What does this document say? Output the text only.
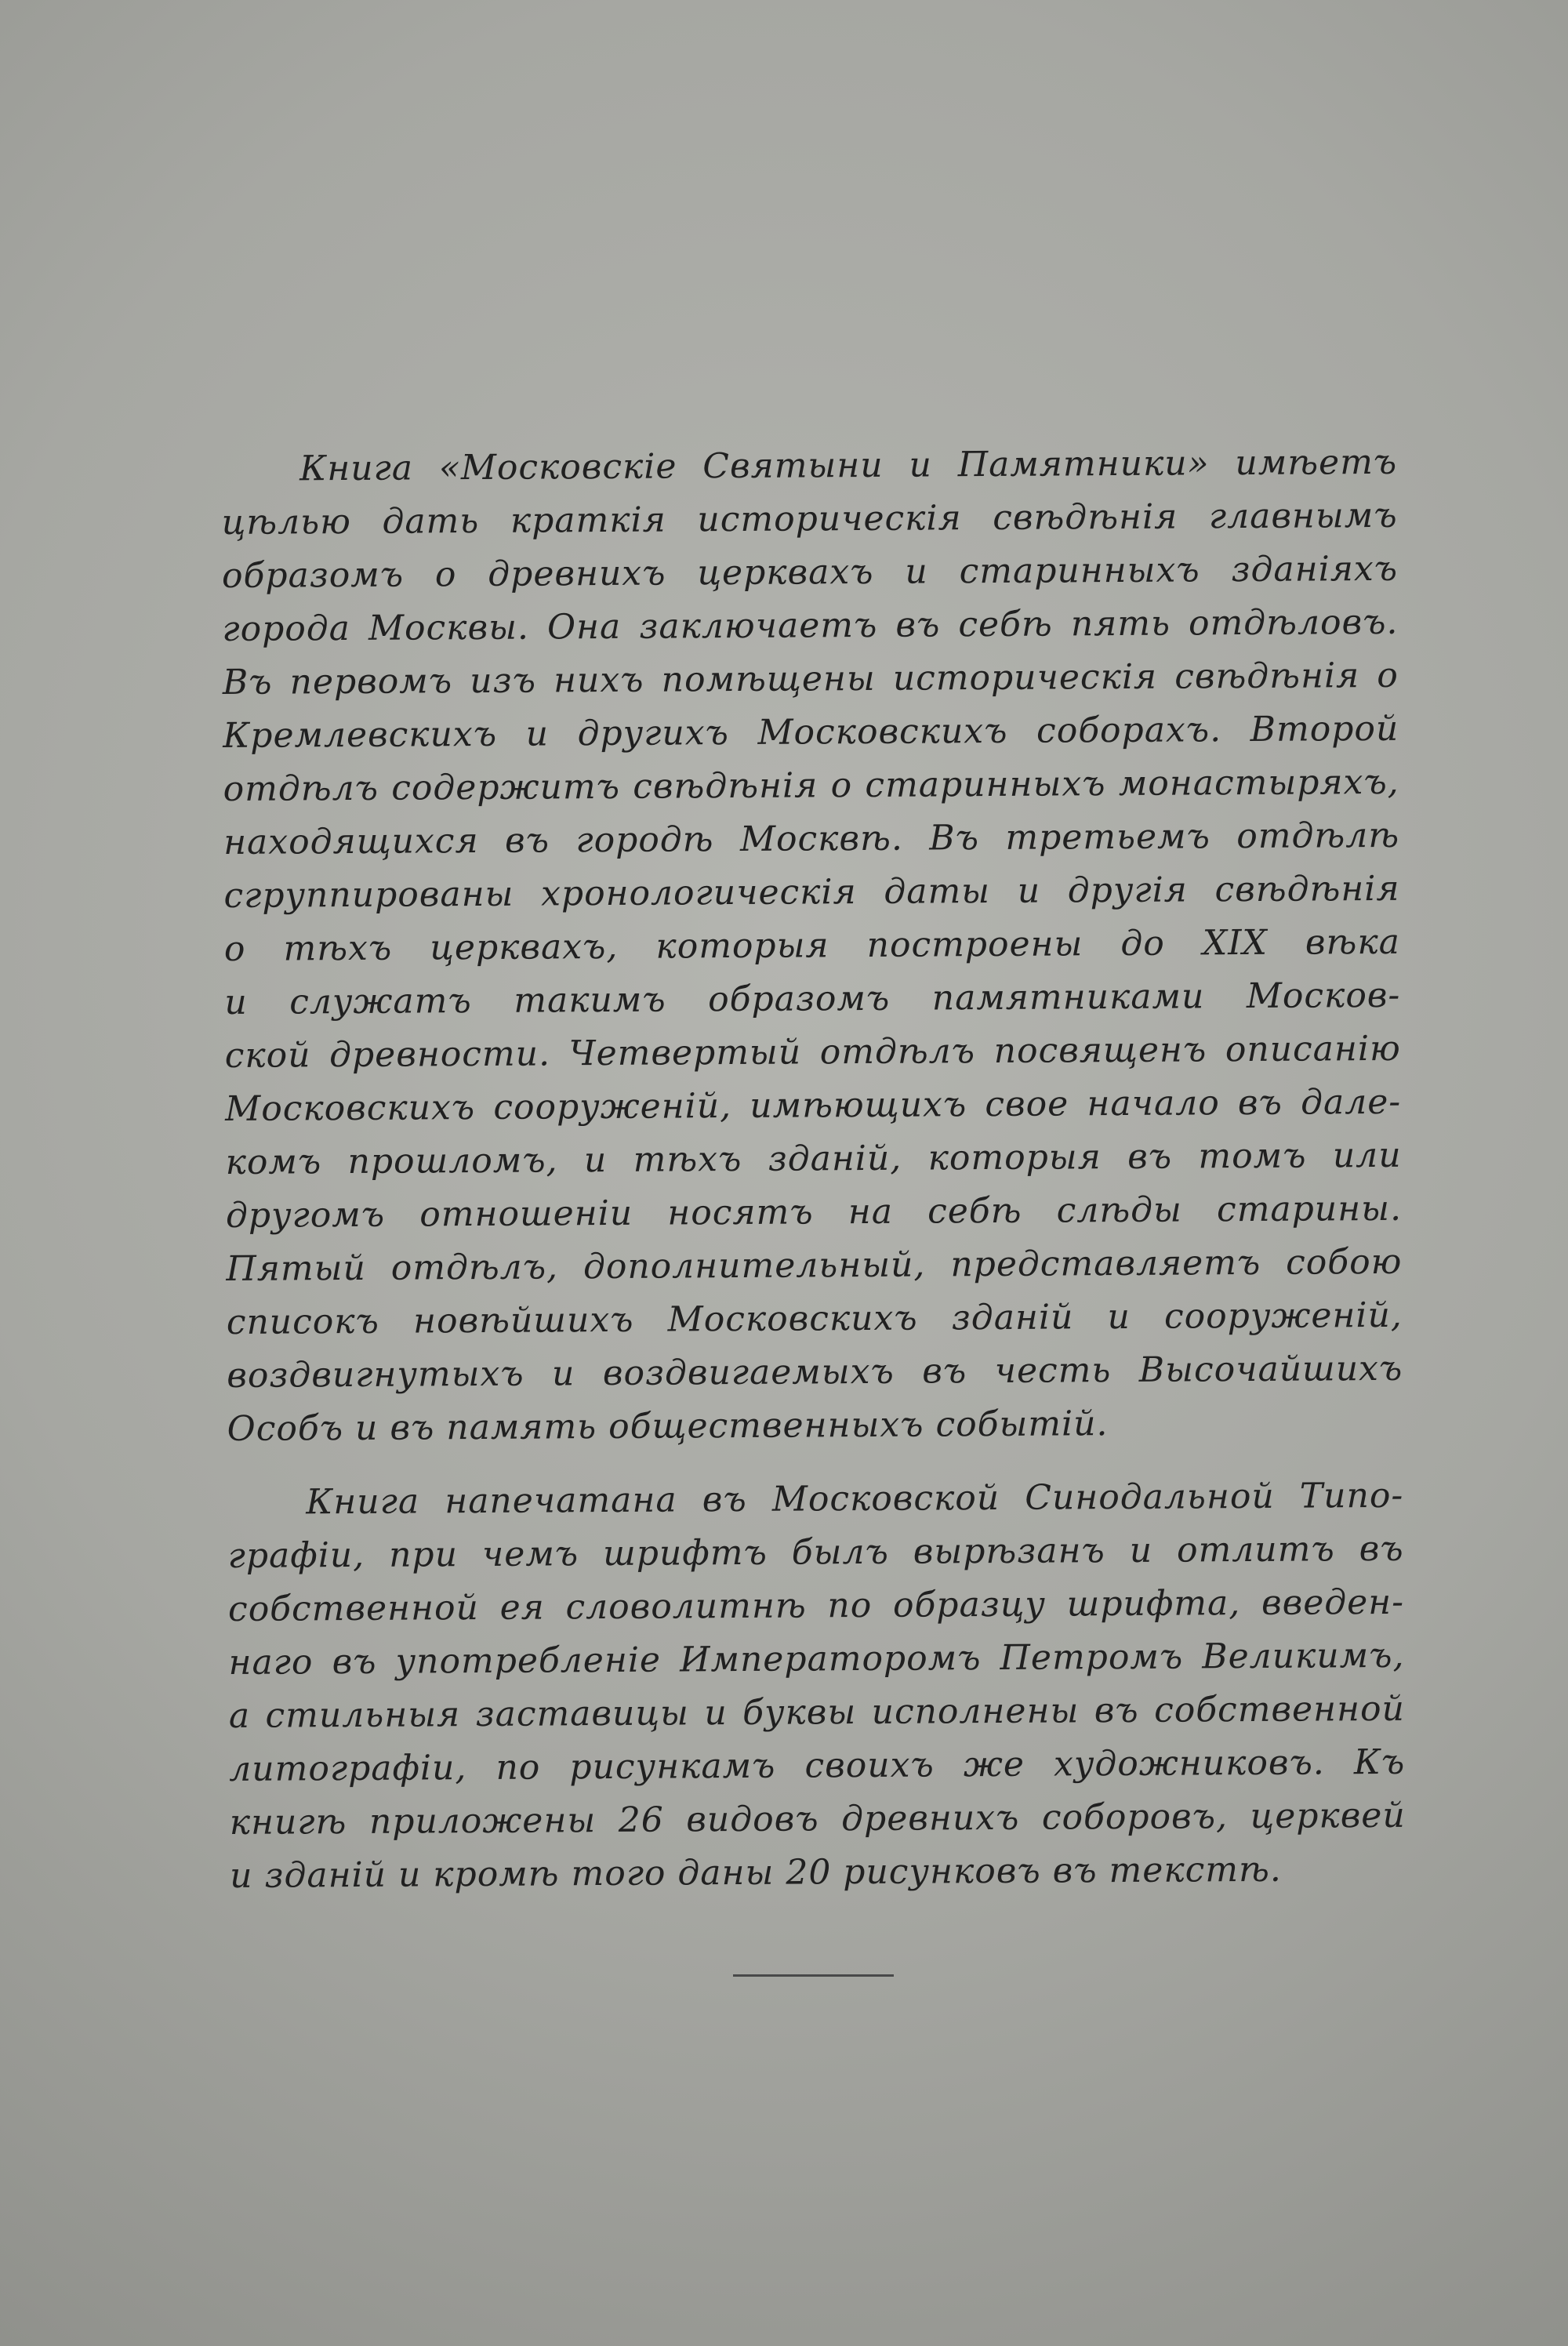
Книга «Московскіе Святыни и Памятники» имѣетъ
цѣлью дать краткія историческія свѣдѣнія главнымъ
образомъ о древнихъ церквахъ и старинныхъ зданіяхъ
города Москвы. Она заключаетъ въ себѣ пять отдѣловъ.
Въ первомъ изъ нихъ помѣщены историческія свѣдѣнія о
Кремлевскихъ и другихъ Московскихъ соборахъ. Второй
отдѣлъ содержитъ свѣдѣнія о старинныхъ монастыряхъ,
находящихся въ городѣ Москвѣ. Въ третьемъ отдѣлѣ
сгруппированы хронологическія даты и другія свѣдѣнія
о тѣхъ церквахъ, которыя построены до XIX вѣка
и служатъ такимъ образомъ памятниками Москов-
ской древности. Четвертый отдѣлъ посвященъ описанію
Московскихъ сооруженій, имѣющихъ свое начало въ дале-
комъ прошломъ, и тѣхъ зданій, которыя въ томъ или
другомъ отношеніи носятъ на себѣ слѣды старины.
Пятый отдѣлъ, дополнительный, представляетъ собою
списокъ новѣйшихъ Московскихъ зданій и сооруженій,
воздвигнутыхъ и воздвигаемыхъ въ честь Высочайшихъ
Особъ и въ память общественныхъ событій.
Книга напечатана въ Московской Синодальной Типо-
графіи, при чемъ шрифтъ былъ вырѣзанъ и отлитъ въ
собственной ея словолитнѣ по образцу шрифта, введен-
наго въ употребленіе Императоромъ Петромъ Великимъ,
а стильныя заставицы и буквы исполнены въ собственной
литографіи, по рисункамъ своихъ же художниковъ. Къ
книгѣ приложены 26 видовъ древнихъ соборовъ, церквей
и зданій и кромѣ того даны 20 рисунковъ въ текстѣ.
